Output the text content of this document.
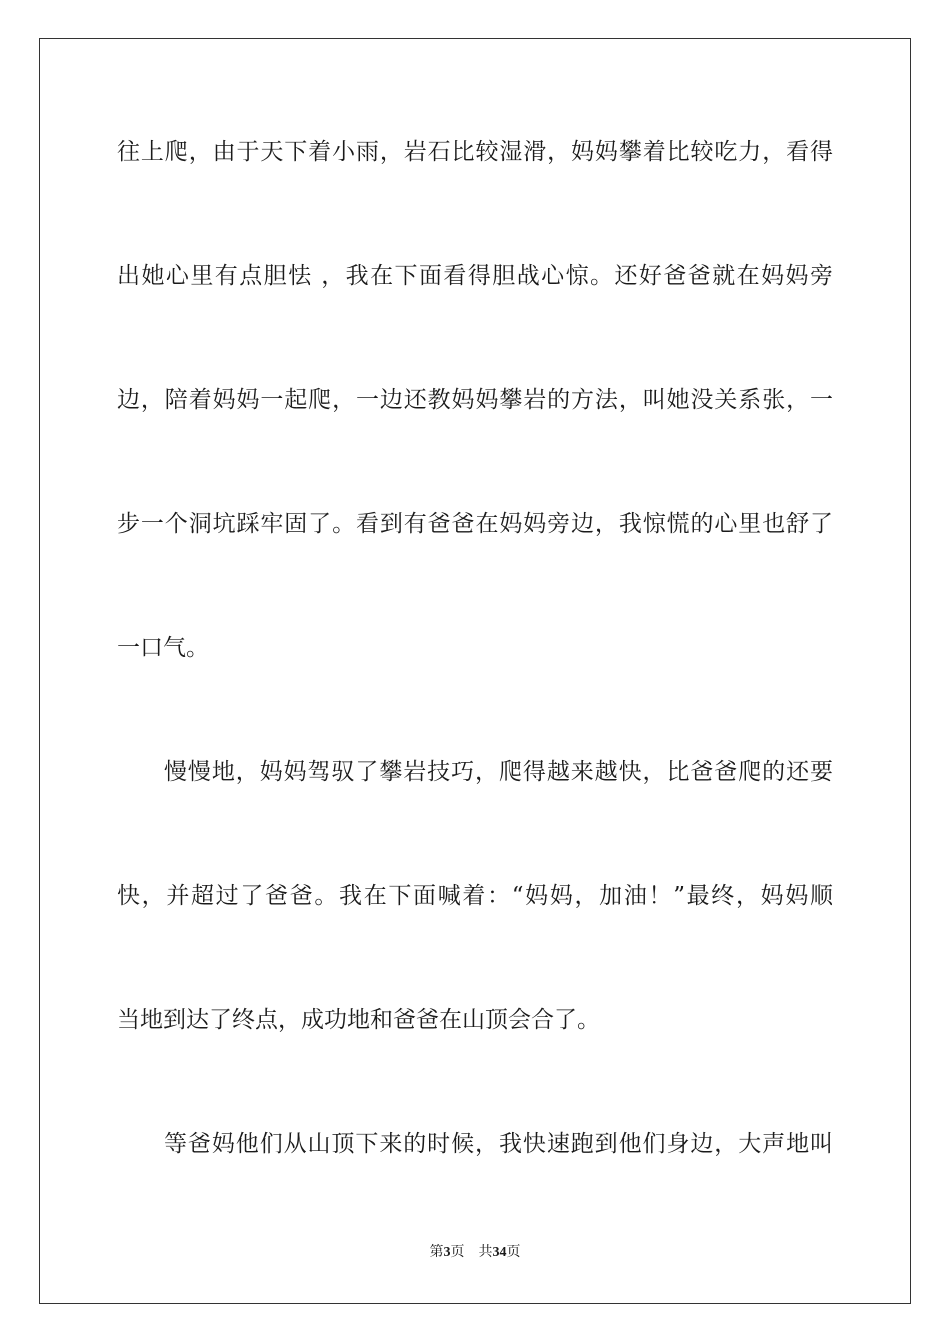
往上爬，由于天下着小雨，岩石比较湿滑，妈妈攀着比较吃力，看得
出她心里有点胆怯 ，我在下面看得胆战心惊。还好爸爸就在妈妈旁
边，陪着妈妈一起爬，一边还教妈妈攀岩的方法，叫她没关系张，一
步一个洞坑踩牢固了。看到有爸爸在妈妈旁边，我惊慌的心里也舒了
一口气。
慢慢地，妈妈驾驭了攀岩技巧，爬得越来越快，比爸爸爬的还要
快，并超过了爸爸。我在下面喊着：“妈妈，加油！”最终，妈妈顺
当地到达了终点，成功地和爸爸在山顶会合了。
等爸妈他们从山顶下来的时候，我快速跑到他们身边，大声地叫
第3页 共34页
